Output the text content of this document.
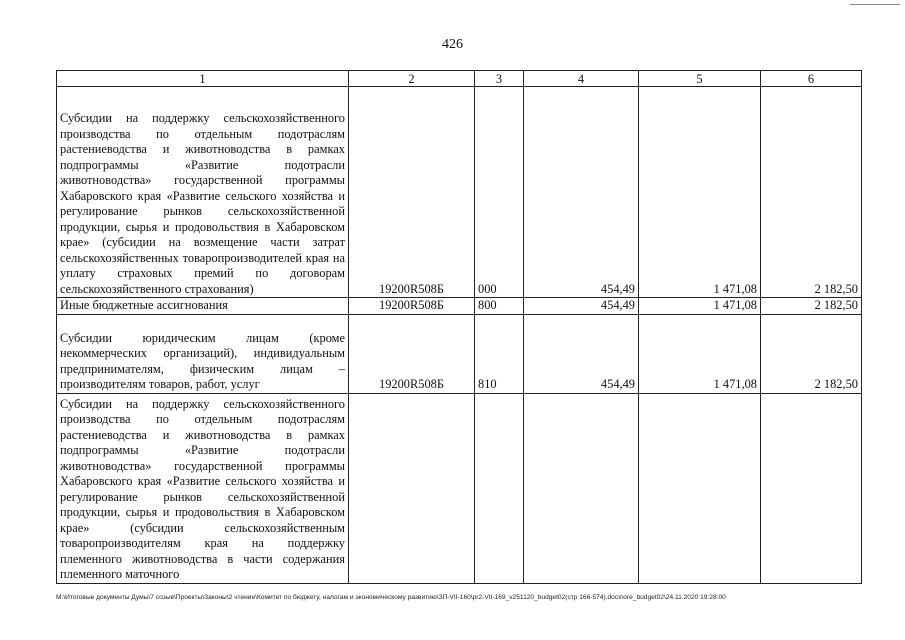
426
1	2	3	4	5	6
Субсидии на поддержку сельскохозяйственного производства по отдельным подотраслям растениеводства и животноводства в рамках подпрограммы «Развитие подотрасли животноводства» государственной программы Хабаровского края «Развитие сельского хозяйства и регулирование рынков сельскохозяйственной продукции, сырья и продовольствия в Хабаровском крае» (субсидии на возмещение части затрат сельскохозяйственных товаропроизводителей края на уплату страховых премий по договорам сельскохозяйственного страхования)	19200R508Б	000	454,49	1 471,08	2 182,50
Иные бюджетные ассигнования	19200R508Б	800	454,49	1 471,08	2 182,50
Субсидии юридическим лицам (кроме некоммерческих организаций), индивидуальным предпринимателям, физическим лицам – производителям товаров, работ, услуг	19200R508Б	810	454,49	1 471,08	2 182,50
Субсидии на поддержку сельскохозяйственного производства по отдельным подотраслям растениеводства и животноводства в рамках подпрограммы «Развитие подотрасли животноводства» государственной программы Хабаровского края «Развитие сельского хозяйства и регулирование рынков сельскохозяйственной продукции, сырья и продовольствия в Хабаровском крае» (субсидии сельскохозяйственным товаропроизводителям края на поддержку племенного животноводства в части содержания племенного маточного					
M:\Итоговые документы Думы\7 созыв\Проекты\Законы\2 чтение\Комитет по бюджету, налогам и экономическому развитию\ЗП-VII-160\pr2-VII-169_v251120_budget02(стр 166-574).docx\ore_budget02\24.11.2020 19:28:00
